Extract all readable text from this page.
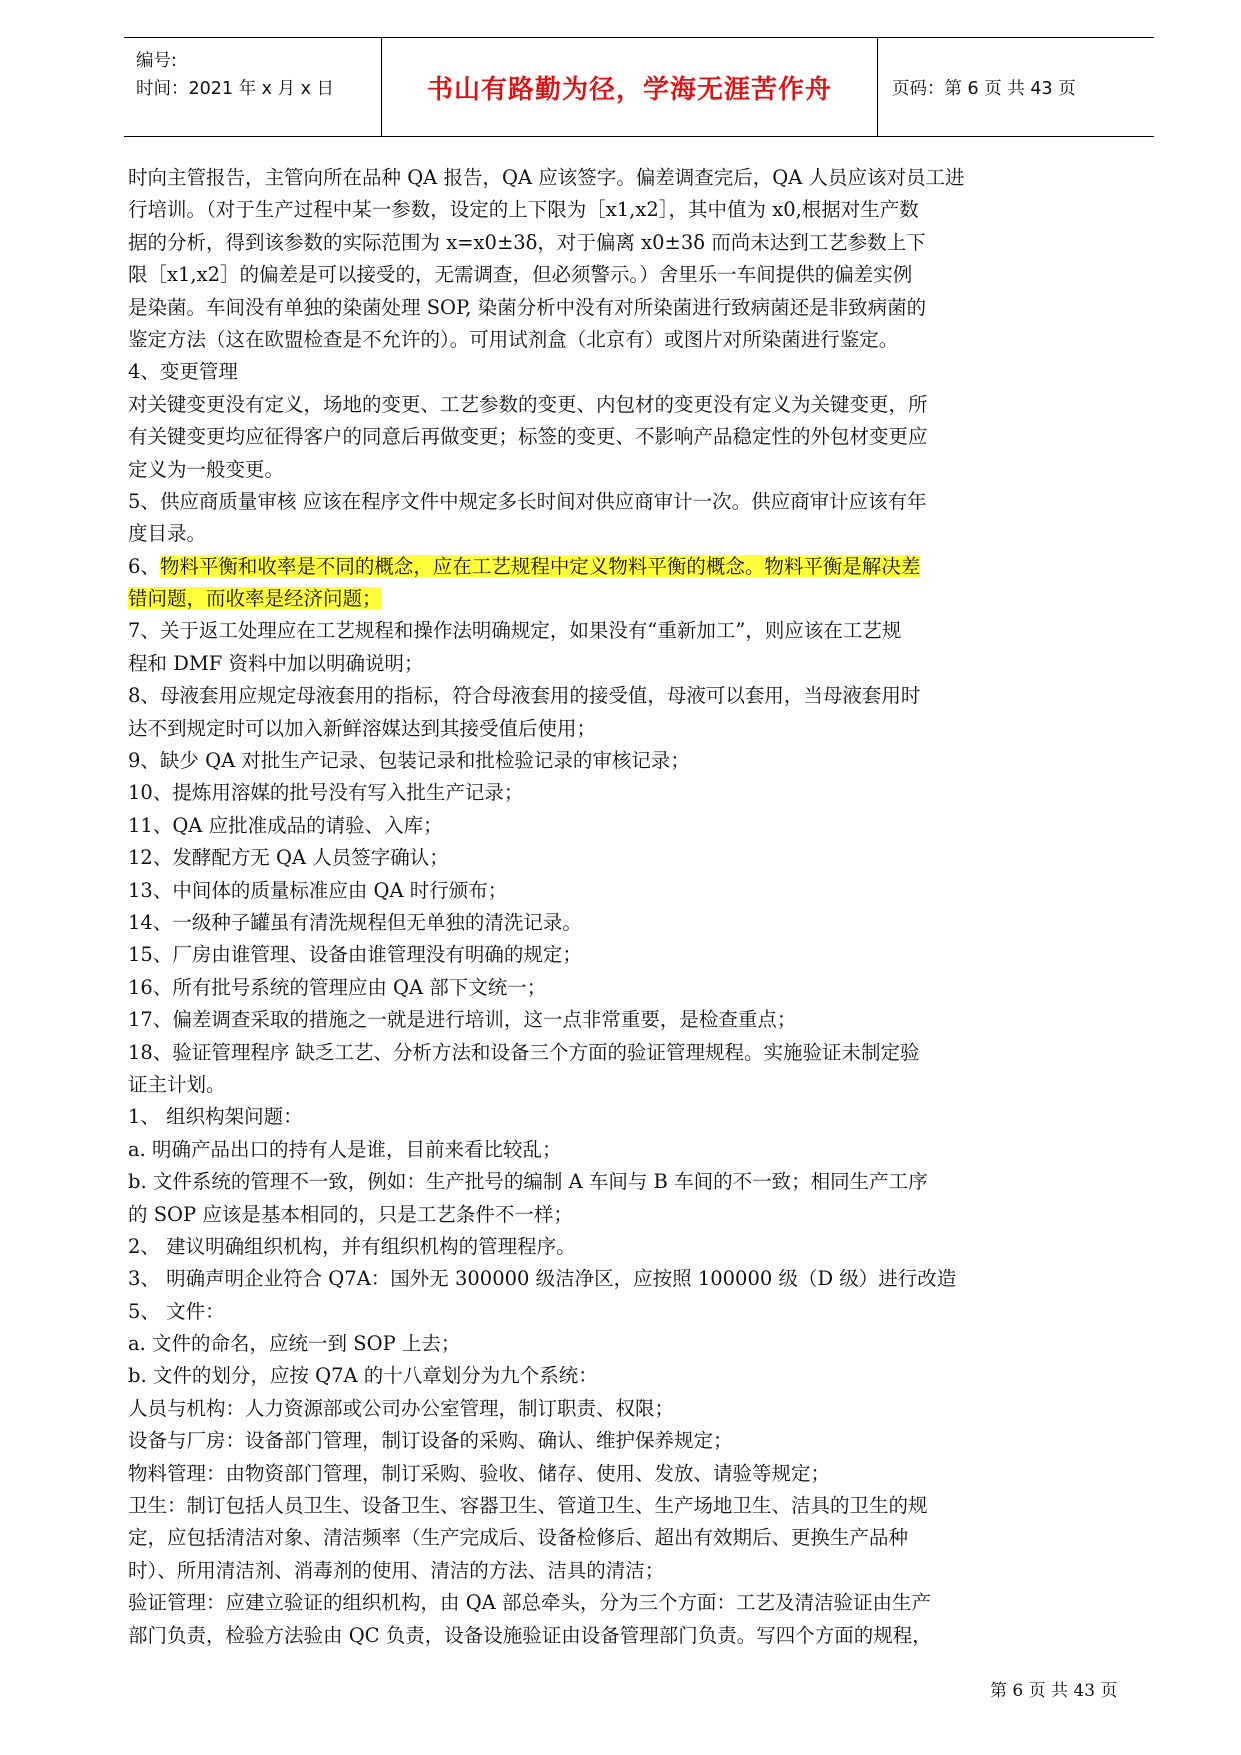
编号:
时间：2021 年 x 月 x 日	书山有路勤为径，学海无涯苦作舟	页码：第 6 页 共 43 页
时向主管报告，主管向所在品种 QA 报告，QA 应该签字。偏差调查完后，QA 人员应该对员工进
行培训。（对于生产过程中某一参数，设定的上下限为［x1,x2］，其中值为 x0,根据对生产数
据的分析，得到该参数的实际范围为 x=x0±3δ，对于偏离 x0±3δ 而尚未达到工艺参数上下
限［x1,x2］的偏差是可以接受的，无需调查，但必须警示。）舍里乐一车间提供的偏差实例
是染菌。车间没有单独的染菌处理 SOP, 染菌分析中没有对所染菌进行致病菌还是非致病菌的
鉴定方法（这在欧盟检查是不允许的）。可用试剂盒（北京有）或图片对所染菌进行鉴定。
4、变更管理
对关键变更没有定义，场地的变更、工艺参数的变更、内包材的变更没有定义为关键变更，所
有关键变更均应征得客户的同意后再做变更；标签的变更、不影响产品稳定性的外包材变更应
定义为一般变更。
5、供应商质量审核 应该在程序文件中规定多长时间对供应商审计一次。供应商审计应该有年
度目录。
6、物料平衡和收率是不同的概念，应在工艺规程中定义物料平衡的概念。物料平衡是解决差
错问题，而收率是经济问题；
7、关于返工处理应在工艺规程和操作法明确规定，如果没有“重新加工”，则应该在工艺规
程和 DMF 资料中加以明确说明；
8、母液套用应规定母液套用的指标，符合母液套用的接受值，母液可以套用，当母液套用时
达不到规定时可以加入新鲜溶媒达到其接受值后使用；
9、缺少 QA 对批生产记录、包装记录和批检验记录的审核记录；
10、提炼用溶媒的批号没有写入批生产记录；
11、QA 应批准成品的请验、入库；
12、发酵配方无 QA 人员签字确认；
13、中间体的质量标准应由 QA 时行颁布；
14、一级种子罐虽有清洗规程但无单独的清洗记录。
15、厂房由谁管理、设备由谁管理没有明确的规定；
16、所有批号系统的管理应由 QA 部下文统一；
17、偏差调查采取的措施之一就是进行培训，这一点非常重要，是检查重点；
18、验证管理程序 缺乏工艺、分析方法和设备三个方面的验证管理规程。实施验证未制定验
证主计划。
1、 组织构架问题：
a. 明确产品出口的持有人是谁，目前来看比较乱；
b. 文件系统的管理不一致，例如：生产批号的编制 A 车间与 B 车间的不一致；相同生产工序
的 SOP 应该是基本相同的，只是工艺条件不一样；
2、 建议明确组织机构，并有组织机构的管理程序。
3、 明确声明企业符合 Q7A：国外无 300000 级洁净区，应按照 100000 级（D 级）进行改造
5、 文件：
a. 文件的命名，应统一到 SOP 上去；
b. 文件的划分，应按 Q7A 的十八章划分为九个系统：
人员与机构：人力资源部或公司办公室管理，制订职责、权限；
设备与厂房：设备部门管理，制订设备的采购、确认、维护保养规定；
物料管理：由物资部门管理，制订采购、验收、储存、使用、发放、请验等规定；
卫生：制订包括人员卫生、设备卫生、容器卫生、管道卫生、生产场地卫生、洁具的卫生的规
定，应包括清洁对象、清洁频率（生产完成后、设备检修后、超出有效期后、更换生产品种
时）、所用清洁剂、消毒剂的使用、清洁的方法、洁具的清洁；
验证管理：应建立验证的组织机构，由 QA 部总牵头，分为三个方面：工艺及清洁验证由生产
部门负责，检验方法验由 QC 负责，设备设施验证由设备管理部门负责。写四个方面的规程，
第 6 页 共 43 页
